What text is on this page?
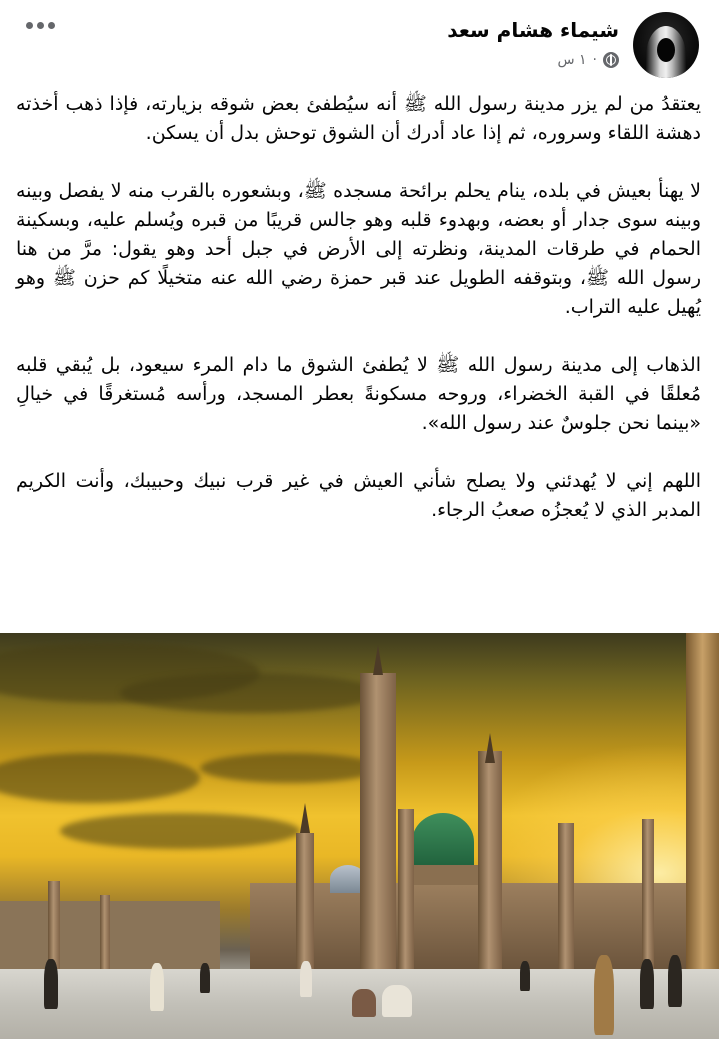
شيماء هشام سعد
١ س ·

يعتقدُ من لم يزر مدينة رسول الله ﷺ أنه سيُطفئ بعض شوقه بزيارته، فإذا ذهب أخذته دهشة اللقاء وسروره، ثم إذا عاد أدرك أن الشوق توحش بدل أن يسكن.

لا يهنأ بعيش في بلده، ينام يحلم برائحة مسجده ﷺ، وبشعوره بالقرب منه لا يفصل وبينه وبينه سوى جدار أو بعضه، وبهدوء قلبه وهو جالس قريبًا من قبره ويُسلم عليه، وبسكينة الحمام في طرقات المدينة، ونظرته إلى الأرض في جبل أحد وهو يقول: مرَّ من هنا رسول الله ﷺ، وبتوقفه الطويل عند قبر حمزة رضي الله عنه متخيلًا كم حزن ﷺ وهو يُهيل عليه التراب.

الذهاب إلى مدينة رسول الله ﷺ لا يُطفئ الشوق ما دام المرء سيعود، بل يُبقي قلبه مُعلقًا في القبة الخضراء، وروحه مسكونةً بعطر المسجد، ورأسه مُستغرقًا في خيالِ «بينما نحن جلوسٌ عند رسول الله».

اللهم إني لا يُهدئني ولا يصلح شأني العيش في غير قرب نبيك وحبيبك، وأنت الكريم المدبر الذي لا يُعجزُه صعبُ الرجاء.
